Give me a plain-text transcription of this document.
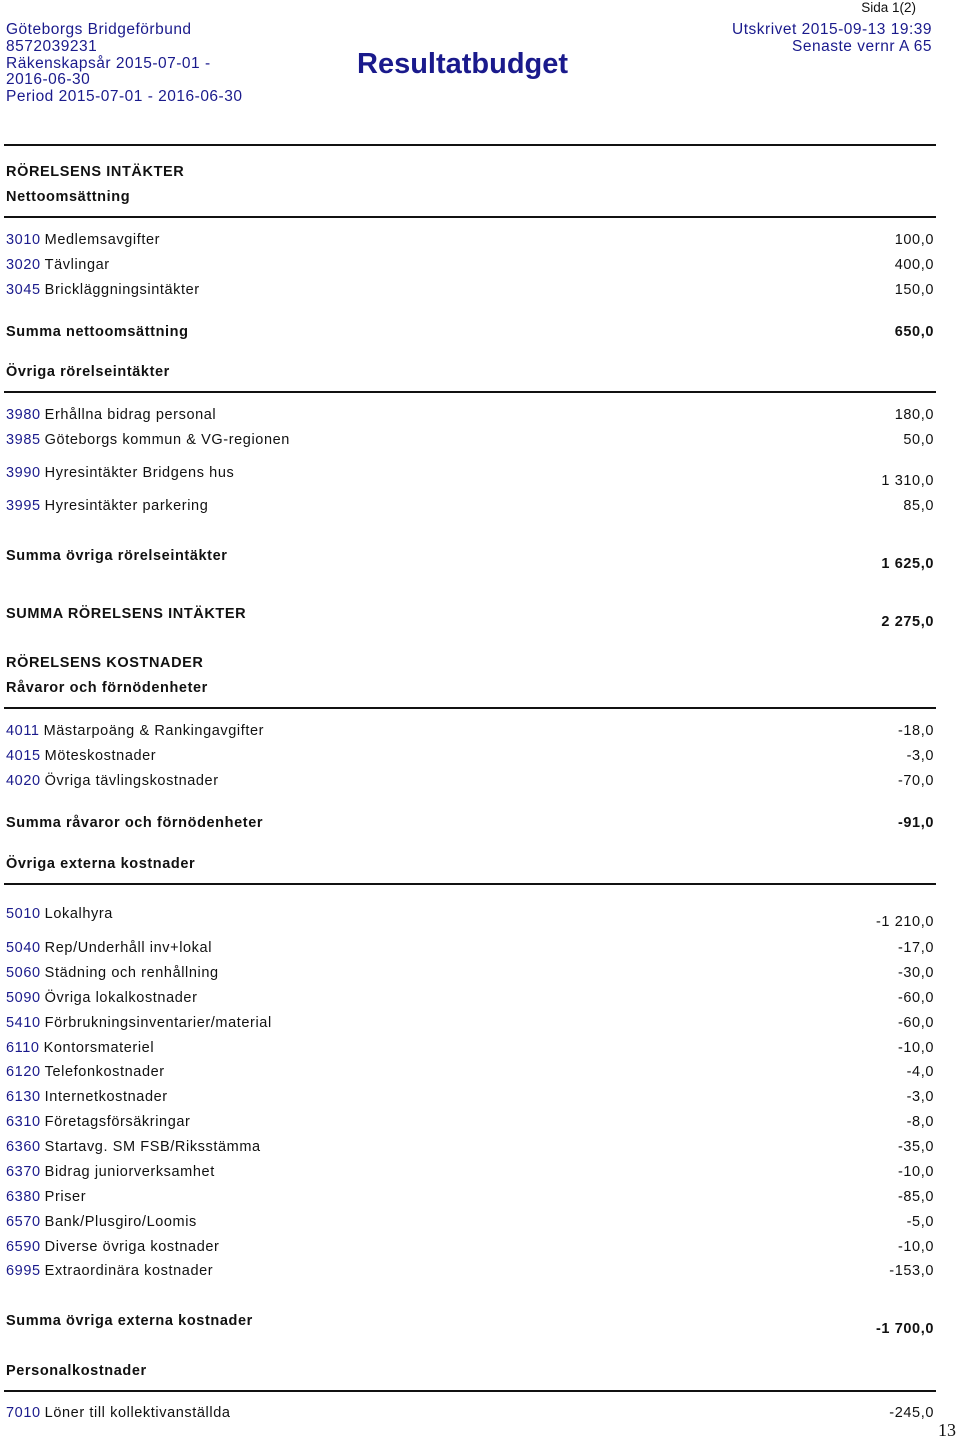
Sida 1(2)
Göteborgs Bridgeförbund
8572039231
Räkenskapsår 2015-07-01 -
2016-06-30
Period 2015-07-01 - 2016-06-30
Resultatbudget
Utskrivet 2015-09-13 19:39
Senaste vernr A 65
RÖRELSENS INTÄKTER
Nettoomsättning
3010 Medlemsavgifter	100,0
3020 Tävlingar	400,0
3045 Brickläggningsintäkter	150,0
Summa nettoomsättning	650,0
Övriga rörelseintäkter
3980 Erhållna bidrag personal	180,0
3985 Göteborgs kommun & VG-regionen	50,0
3990 Hyresintäkter Bridgens hus	1 310,0
3995 Hyresintäkter parkering	85,0
Summa övriga rörelseintäkter	1 625,0
SUMMA RÖRELSENS INTÄKTER	2 275,0
RÖRELSENS KOSTNADER
Råvaror och förnödenheter
4011 Mästarpoäng & Rankingavgifter	-18,0
4015 Möteskostnader	-3,0
4020 Övriga tävlingskostnader	-70,0
Summa råvaror och förnödenheter	-91,0
Övriga externa kostnader
5010 Lokalhyra	-1 210,0
5040 Rep/Underhåll inv+lokal	-17,0
5060 Städning och renhållning	-30,0
5090 Övriga lokalkostnader	-60,0
5410 Förbrukningsinventarier/material	-60,0
6110 Kontorsmateriel	-10,0
6120 Telefonkostnader	-4,0
6130 Internetkostnader	-3,0
6310 Företagsförsäkringar	-8,0
6360 Startavg. SM FSB/Riksstämma	-35,0
6370 Bidrag juniorverksamhet	-10,0
6380 Priser	-85,0
6570 Bank/Plusgiro/Loomis	-5,0
6590 Diverse övriga kostnader	-10,0
6995 Extraordinära kostnader	-153,0
Summa övriga externa kostnader	-1 700,0
Personalkostnader
7010 Löner till kollektivanställda	-245,0
13
